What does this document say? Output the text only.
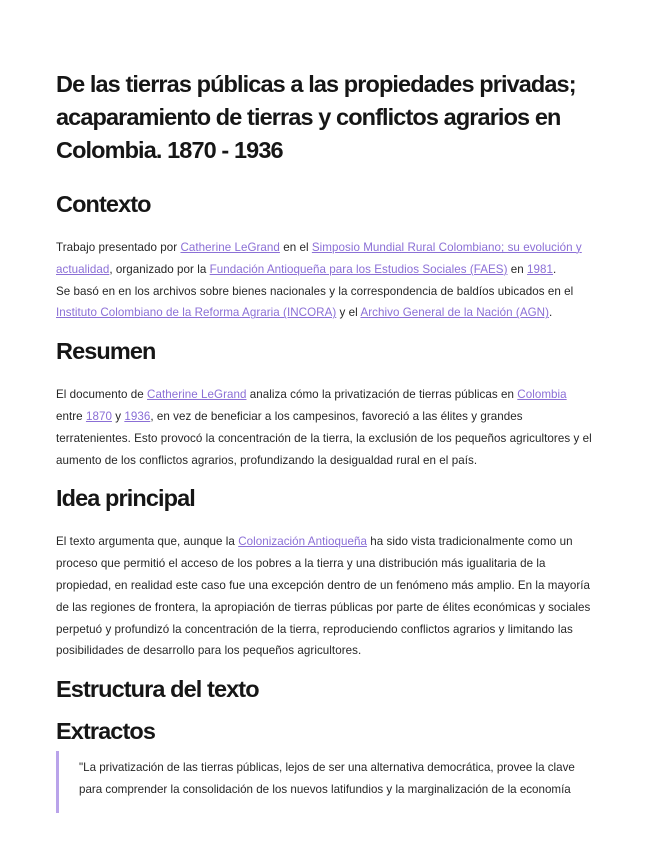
De las tierras públicas a las propiedades privadas; acaparamiento de tierras y conflictos agrarios en Colombia. 1870 - 1936
Contexto

Trabajo presentado por Catherine LeGrand en el Simposio Mundial Rural Colombiano; su evolución y actualidad, organizado por la Fundación Antioqueña para los Estudios Sociales (FAES) en 1981.
Se basó en en los archivos sobre bienes nacionales y la correspondencia de baldíos ubicados en el Instituto Colombiano de la Reforma Agraria (INCORA) y el Archivo General de la Nación (AGN).

Resumen

El documento de Catherine LeGrand analiza cómo la privatización de tierras públicas en Colombia entre 1870 y 1936, en vez de beneficiar a los campesinos, favoreció a las élites y grandes terratenientes. Esto provocó la concentración de la tierra, la exclusión de los pequeños agricultores y el aumento de los conflictos agrarios, profundizando la desigualdad rural en el país.

Idea principal

El texto argumenta que, aunque la Colonización Antioqueña ha sido vista tradicionalmente como un proceso que permitió el acceso de los pobres a la tierra y una distribución más igualitaria de la propiedad, en realidad este caso fue una excepción dentro de un fenómeno más amplio. En la mayoría de las regiones de frontera, la apropiación de tierras públicas por parte de élites económicas y sociales perpetuó y profundizó la concentración de la tierra, reproduciendo conflictos agrarios y limitando las posibilidades de desarrollo para los pequeños agricultores.

Estructura del texto
Extractos
"La privatización de las tierras públicas, lejos de ser una alternativa democrática, provee la clave para comprender la consolidación de los nuevos latifundios y la marginalización de la economía
